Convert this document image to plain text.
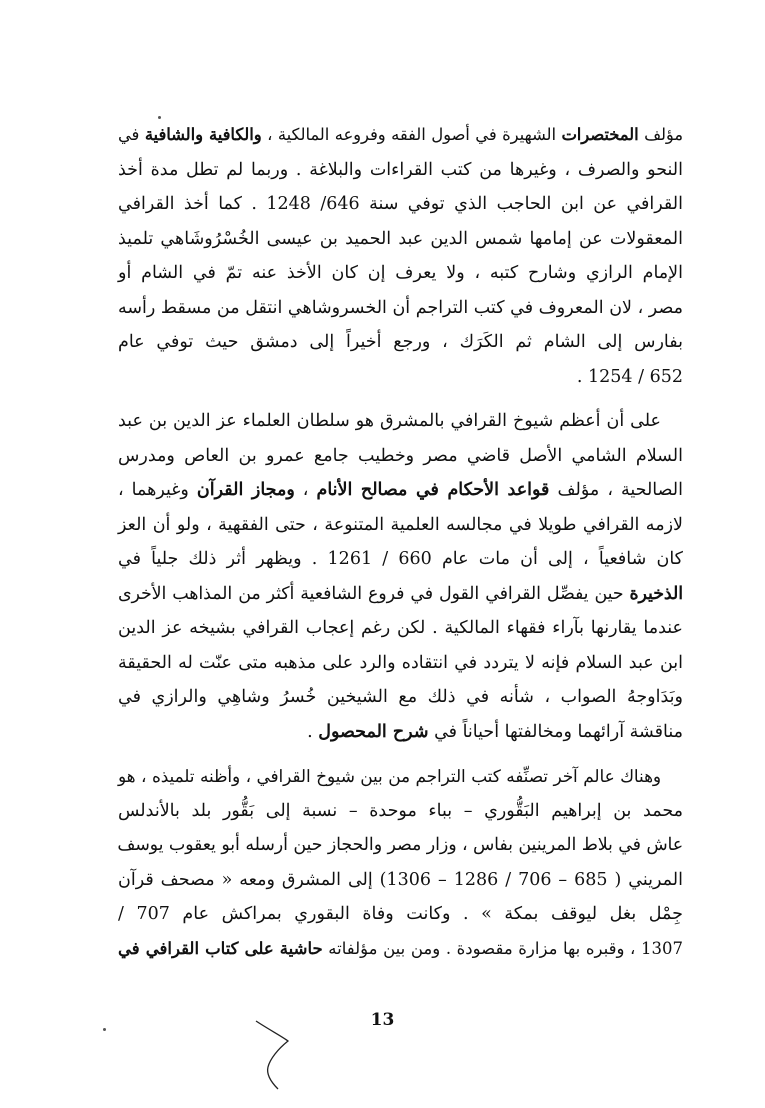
مؤلف المختصرات الشهيرة في أصول الفقه وفروعه المالكية ، والكافية والشافية في
النحو والصرف ، وغيرها من كتب القراءات والبلاغة . وربما لم تطل مدة أخذ
القرافي عن ابن الحاجب الذي توفي سنة 646/ 1248 . كما أخذ القرافي
المعقولات عن إمامها شمس الدين عبد الحميد بن عيسى الخُسْرُوشَاهي تلميذ
الإمام الرازي وشارح كتبه ، ولا يعرف إن كان الأخذ عنه تمّ في الشام أو
مصر ، لان المعروف في كتب التراجم أن الخسروشاهي انتقل من مسقط رأسه
بفارس إلى الشام ثم الكَرَك ، ورجع أخيراً إلى دمشق حيث توفي عام
652 / 1254 .
على أن أعظم شيوخ القرافي بالمشرق هو سلطان العلماء عز الدين بن عبد
السلام الشامي الأصل قاضي مصر وخطيب جامع عمرو بن العاص ومدرس
الصالحية ، مؤلف قواعد الأحكام في مصالح الأنام ، ومجاز القرآن وغيرهما ،
لازمه القرافي طويلا في مجالسه العلمية المتنوعة ، حتى الفقهية ، ولو أن العز
كان شافعياً ، إلى أن مات عام 660 / 1261 . ويظهر أثر ذلك جلياً في
الذخيرة حين يفصِّل القرافي القول في فروع الشافعية أكثر من المذاهب الأخرى
عندما يقارنها بآراء فقهاء المالكية . لكن رغم إعجاب القرافي بشيخه عز الدين
ابن عبد السلام فإنه لا يتردد في انتقاده والرد على مذهبه متى عنّت له الحقيقة
وبَدَاوجهُ الصواب ، شأنه في ذلك مع الشيخين خُسرُ وشاهِي والرازي في
مناقشة آرائهما ومخالفتها أحياناً في شرح المحصول .
وهناك عالم آخر تصنِّفه كتب التراجم من بين شيوخ القرافي ، وأظنه تلميذه ، هو
محمد بن إبراهيم البَقُّوري – بباء موحدة – نسبة إلى بَقُّور بلد بالأندلس
عاش في بلاط المرينين بفاس ، وزار مصر والحجاز حين أرسله أبو يعقوب يوسف
المريني ( 685 – 706 / 1286 – 1306) إلى المشرق ومعه « مصحف قرآن
جِمْل بغل ليوقف بمكة » . وكانت وفاة البقوري بمراكش عام 707 /
1307 ، وقبره بها مزارة مقصودة . ومن بين مؤلفاته حاشية على كتاب القرافي في
13
